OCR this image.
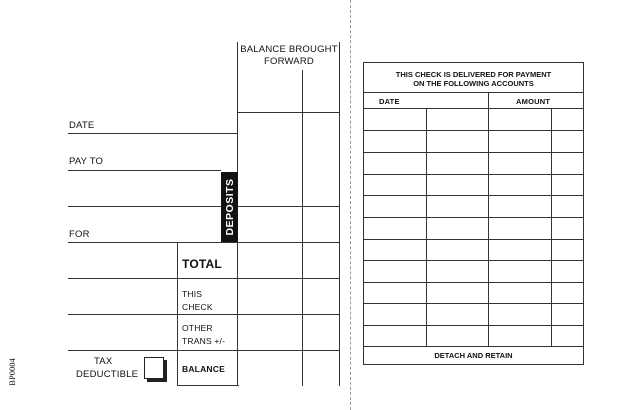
BALANCE BROUGHT FORWARD
DATE
PAY TO
FOR	DEPOSITS
TOTAL
THIS
CHECK
OTHER
TRANS +/-
BALANCE
TAX
DEDUCTIBLE
BP0004
THIS CHECK IS DELIVERED FOR PAYMENT
ON THE FOLLOWING ACCOUNTS
DATE	AMOUNT
DETACH AND RETAIN
